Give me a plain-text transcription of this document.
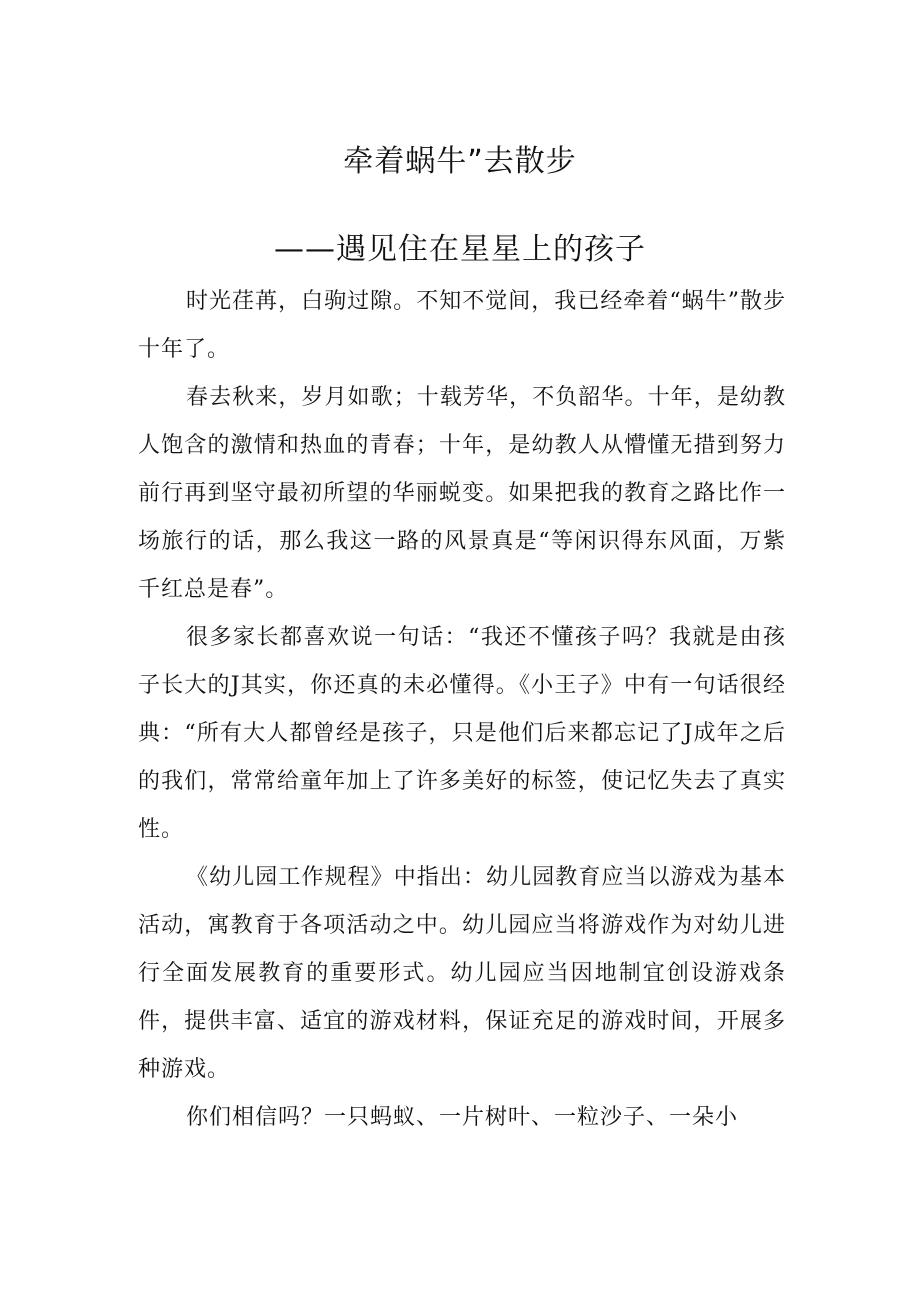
牵着蜗牛”去散步
——遇见住在星星上的孩子

时光荏苒，白驹过隙。不知不觉间，我已经牵着“蜗牛”散步十年了。

春去秋来，岁月如歌；十载芳华，不负韶华。十年，是幼教人饱含的激情和热血的青春；十年，是幼教人从懵懂无措到努力前行再到坚守最初所望的华丽蜕变。如果把我的教育之路比作一场旅行的话，那么我这一路的风景真是“等闲识得东风面，万紫千红总是春”。

很多家长都喜欢说一句话：“我还不懂孩子吗？我就是由孩子长大的J其实，你还真的未必懂得。《小王子》中有一句话很经典：“所有大人都曾经是孩子，只是他们后来都忘记了J成年之后的我们，常常给童年加上了许多美好的标签，使记忆失去了真实性。

《幼儿园工作规程》中指出：幼儿园教育应当以游戏为基本活动，寓教育于各项活动之中。幼儿园应当将游戏作为对幼儿进行全面发展教育的重要形式。幼儿园应当因地制宜创设游戏条件，提供丰富、适宜的游戏材料，保证充足的游戏时间，开展多种游戏。

你们相信吗？一只蚂蚁、一片树叶、一粒沙子、一朵小
